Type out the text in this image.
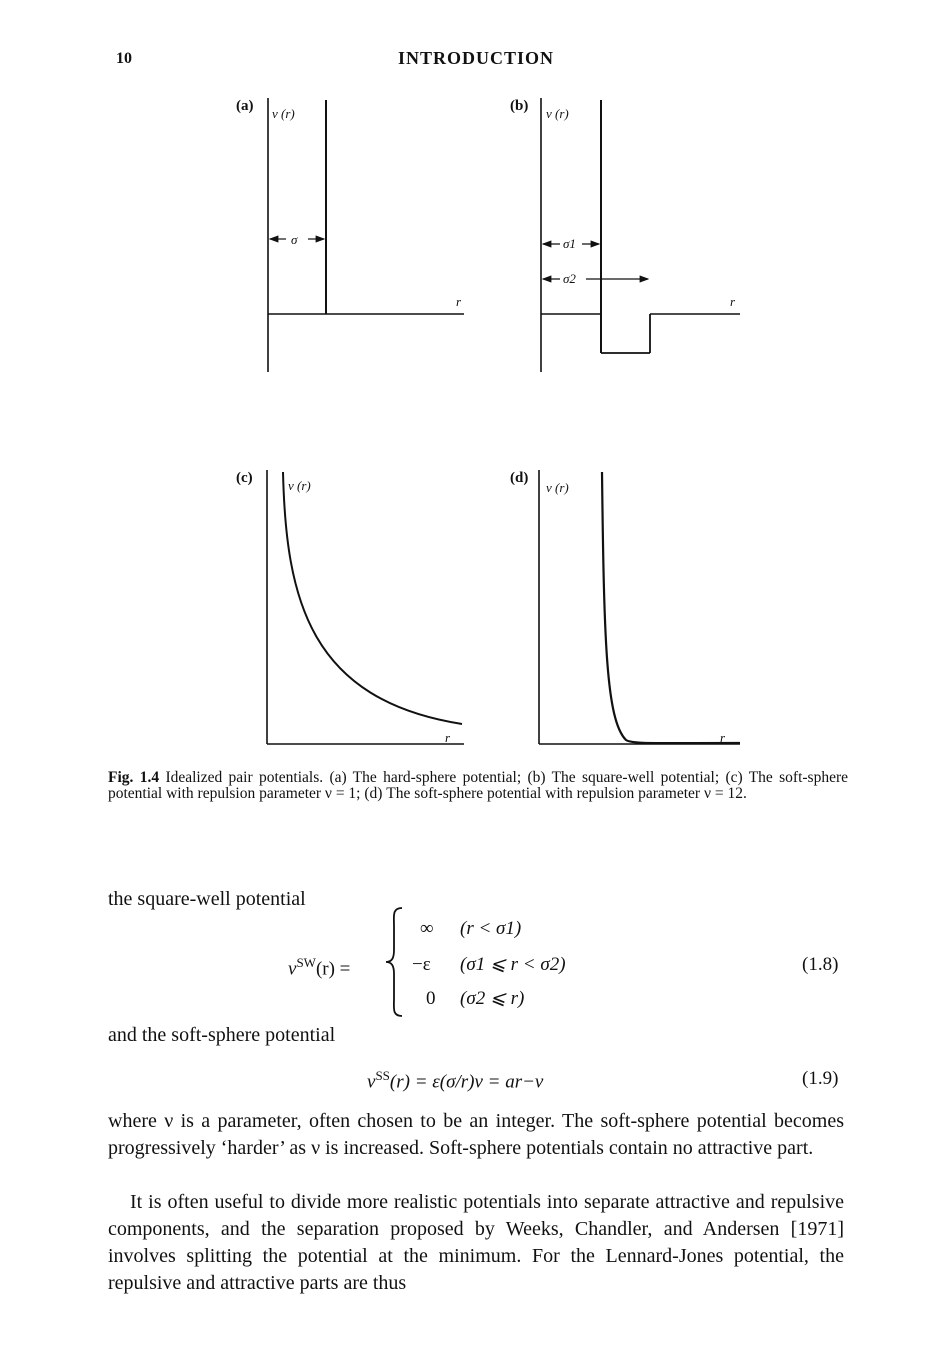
10	INTRODUCTION
(a) v (r)
r
σ
(b) v (r)
r
σ1
σ2
(c)	v (r)
r
(d)
v (r)
r
Fig. 1.4 Idealized pair potentials. (a) The hard-sphere potential; (b) The square-well potential; (c) The soft-sphere potential with repulsion parameter ν = 1; (d) The soft-sphere potential with repulsion parameter ν = 12.
the square-well potential
$v^{SW}(r)$ =
∞ (r < σ1)
−ε (σ1 ⩽ r < σ2)
0 (σ2 ⩽ r)
(1.8)
and the soft-sphere potential
$v^{SS}(r) = \varepsilon(\sigma/r)\nu = ar-\nu$	(1.9)
where ν is a parameter, often chosen to be an integer. The soft-sphere potential becomes progressively ‘harder’ as ν is increased. Soft-sphere potentials contain no attractive part.
It is often useful to divide more realistic potentials into separate attractive and repulsive components, and the separation proposed by Weeks, Chandler, and Andersen [1971] involves splitting the potential at the minimum. For the Lennard-Jones potential, the repulsive and attractive parts are thus
